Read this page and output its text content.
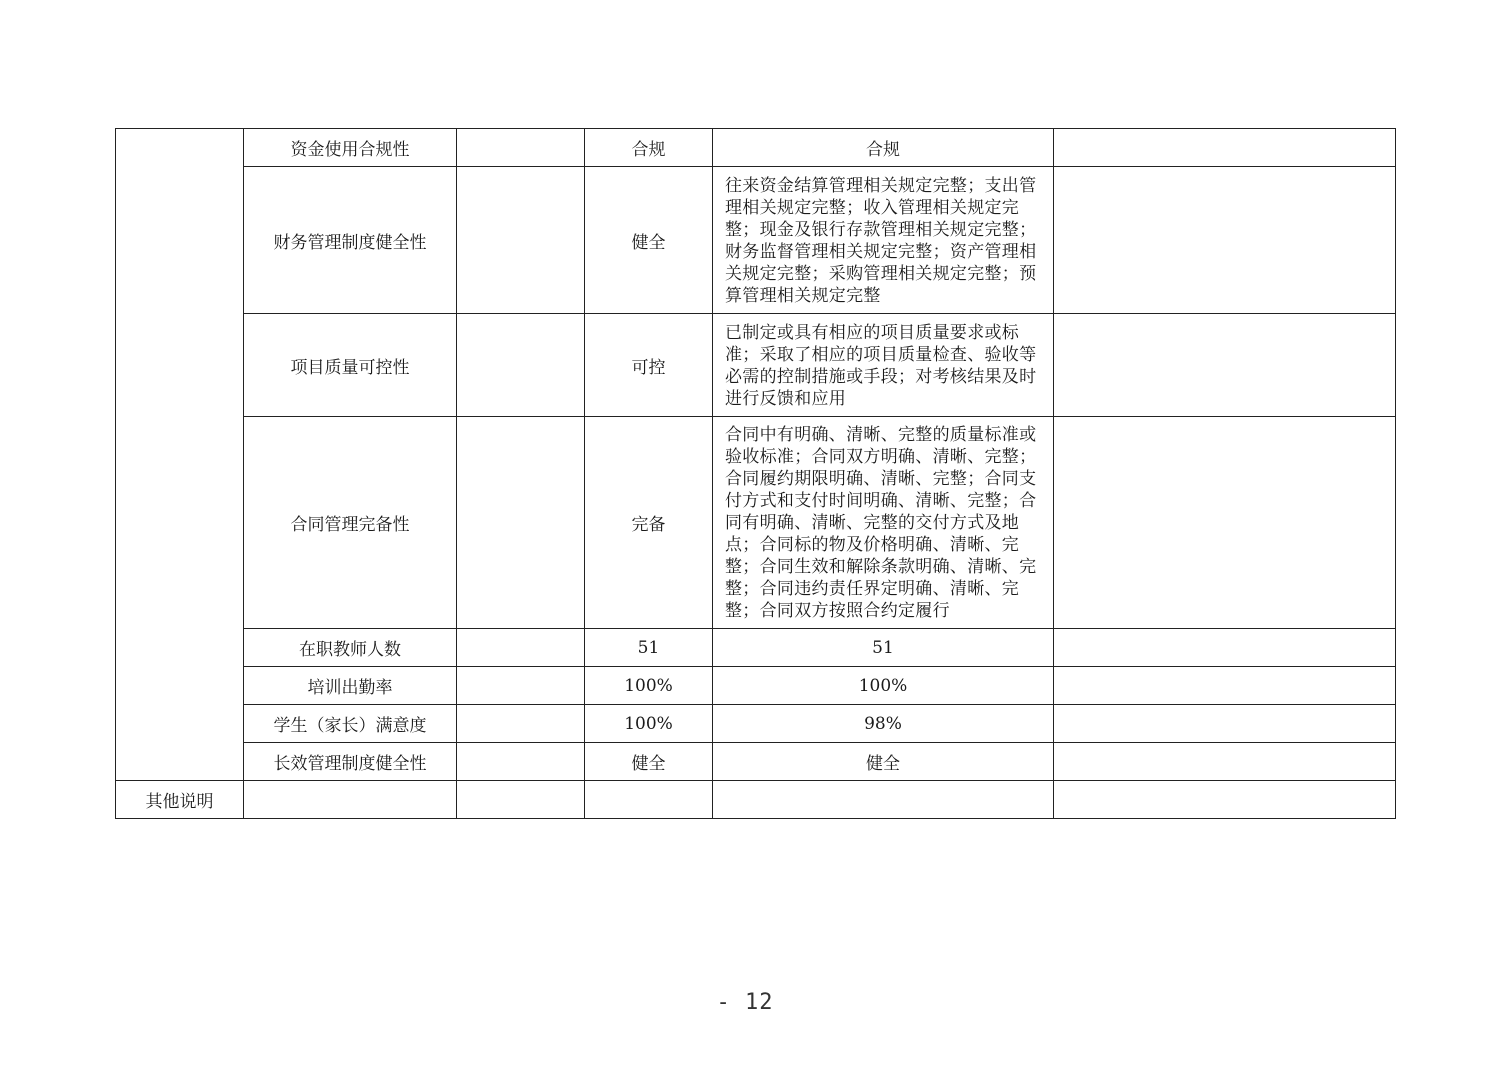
	资金使用合规性		合规	合规	
	财务管理制度健全性		健全	往来资金结算管理相关规定完整；支出管理相关规定完整；收入管理相关规定完整；现金及银行存款管理相关规定完整；财务监督管理相关规定完整；资产管理相关规定完整；采购管理相关规定完整；预算管理相关规定完整	
	项目质量可控性		可控	已制定或具有相应的项目质量要求或标准；采取了相应的项目质量检查、验收等必需的控制措施或手段；对考核结果及时进行反馈和应用	
	合同管理完备性		完备	合同中有明确、清晰、完整的质量标准或验收标准；合同双方明确、清晰、完整；合同履约期限明确、清晰、完整；合同支付方式和支付时间明确、清晰、完整；合同有明确、清晰、完整的交付方式及地点；合同标的物及价格明确、清晰、完整；合同生效和解除条款明确、清晰、完整；合同违约责任界定明确、清晰、完整；合同双方按照合约定履行	
	在职教师人数		51	51	
	培训出勤率		100%	100%	
	学生（家长）满意度		100%	98%	
	长效管理制度健全性		健全	健全	
其他说明					
- 12
